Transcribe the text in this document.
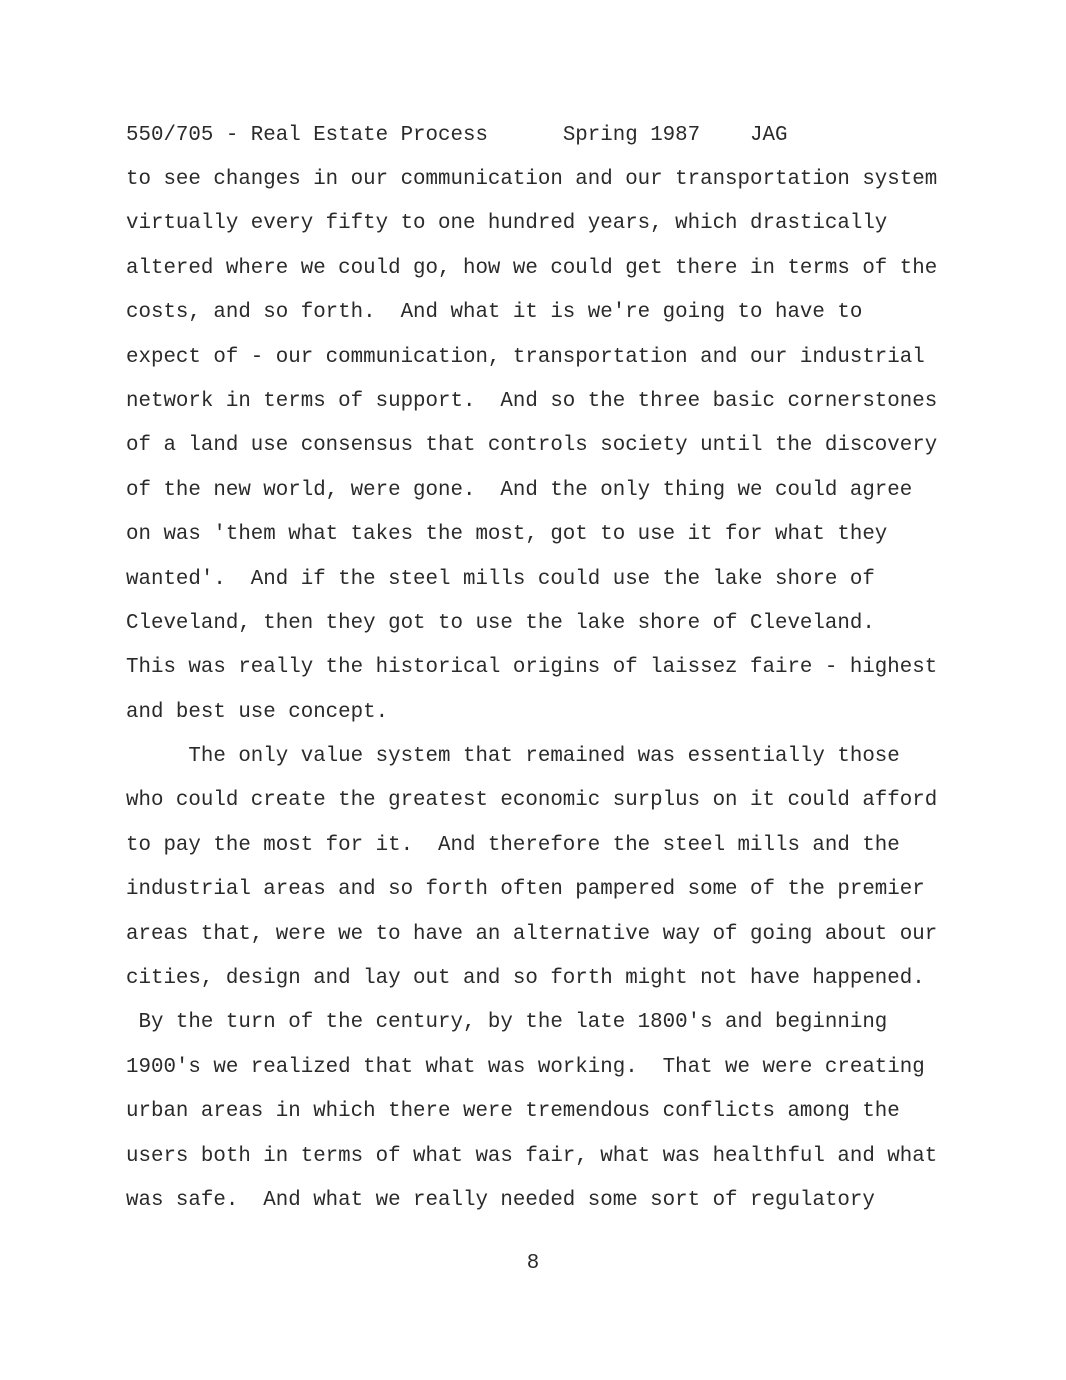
550/705 - Real Estate Process	Spring 1987 JAG
to see changes in our communication and our transportation system
virtually every fifty to one hundred years, which drastically
altered where we could go, how we could get there in terms of the
costs, and so forth.  And what it is we're going to have to
expect of - our communication, transportation and our industrial
network in terms of support.  And so the three basic cornerstones
of a land use consensus that controls society until the discovery
of the new world, were gone.  And the only thing we could agree
on was 'them what takes the most, got to use it for what they
wanted'.  And if the steel mills could use the lake shore of
Cleveland, then they got to use the lake shore of Cleveland.
This was really the historical origins of laissez faire - highest
and best use concept.
The only value system that remained was essentially those
who could create the greatest economic surplus on it could afford
to pay the most for it.  And therefore the steel mills and the
industrial areas and so forth often pampered some of the premier
areas that, were we to have an alternative way of going about our
cities, design and lay out and so forth might not have happened.
By the turn of the century, by the late 1800's and beginning
1900's we realized that what was working.  That we were creating
urban areas in which there were tremendous conflicts among the
users both in terms of what was fair, what was healthful and what
was safe.  And what we really needed some sort of regulatory
8
